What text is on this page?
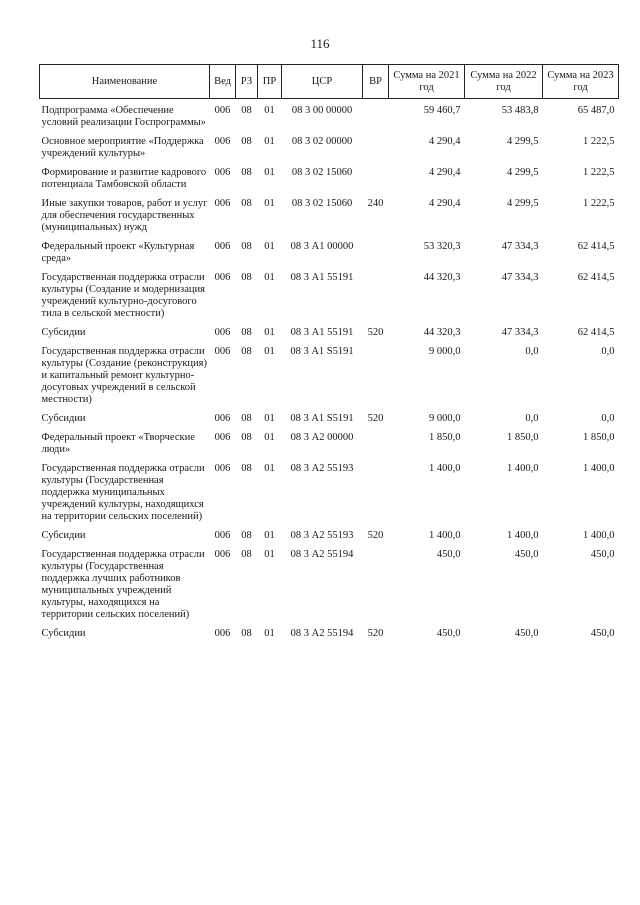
116
Наименование	Вед	РЗ	ПР	ЦСР	ВР	Сумма на 2021 год	Сумма на 2022 год	Сумма на 2023 год
Подпрограмма «Обеспечение условий реализации Госпрограммы»	006	08	01	08 3 00 00000		59 460,7	53 483,8	65 487,0
Основное мероприятие «Поддержка учреждений культуры»	006	08	01	08 3 02 00000		4 290,4	4 299,5	1 222,5
Формирование и развитие кадрового потенциала Тамбовской области	006	08	01	08 3 02 15060		4 290,4	4 299,5	1 222,5
Иные закупки товаров, работ и услуг для обеспечения государственных (муниципальных) нужд	006	08	01	08 3 02 15060	240	4 290,4	4 299,5	1 222,5
Федеральный проект «Культурная среда»	006	08	01	08 3 А1 00000		53 320,3	47 334,3	62 414,5
Государственная поддержка отрасли культуры (Создание и модернизация учреждений культурно-досугового тила в сельской местности)	006	08	01	08 3 А1 55191		44 320,3	47 334,3	62 414,5
Субсидии	006	08	01	08 3 А1 55191	520	44 320,3	47 334,3	62 414,5
Государственная поддержка отрасли культуры (Создание (реконструкция) и капитальный ремонт культурно-досуговых учреждений в сельской местности)	006	08	01	08 3 А1 S5191		9 000,0	0,0	0,0
Субсидии	006	08	01	08 3 А1 S5191	520	9 000,0	0,0	0,0
Федеральный проект «Творческие люди»	006	08	01	08 3 А2 00000		1 850,0	1 850,0	1 850,0
Государственная поддержка отрасли культуры (Государственная поддержка муниципальных учреждений культуры, находящихся на территории сельских поселений)	006	08	01	08 3 А2 55193		1 400,0	1 400,0	1 400,0
Субсидии	006	08	01	08 3 А2 55193	520	1 400,0	1 400,0	1 400,0
Государственная поддержка отрасли культуры (Государственная поддержка лучших работников муниципальных учреждений культуры, находящихся на территории сельских поселений)	006	08	01	08 3 А2 55194		450,0	450,0	450,0
Субсидии	006	08	01	08 3 А2 55194	520	450,0	450,0	450,0
